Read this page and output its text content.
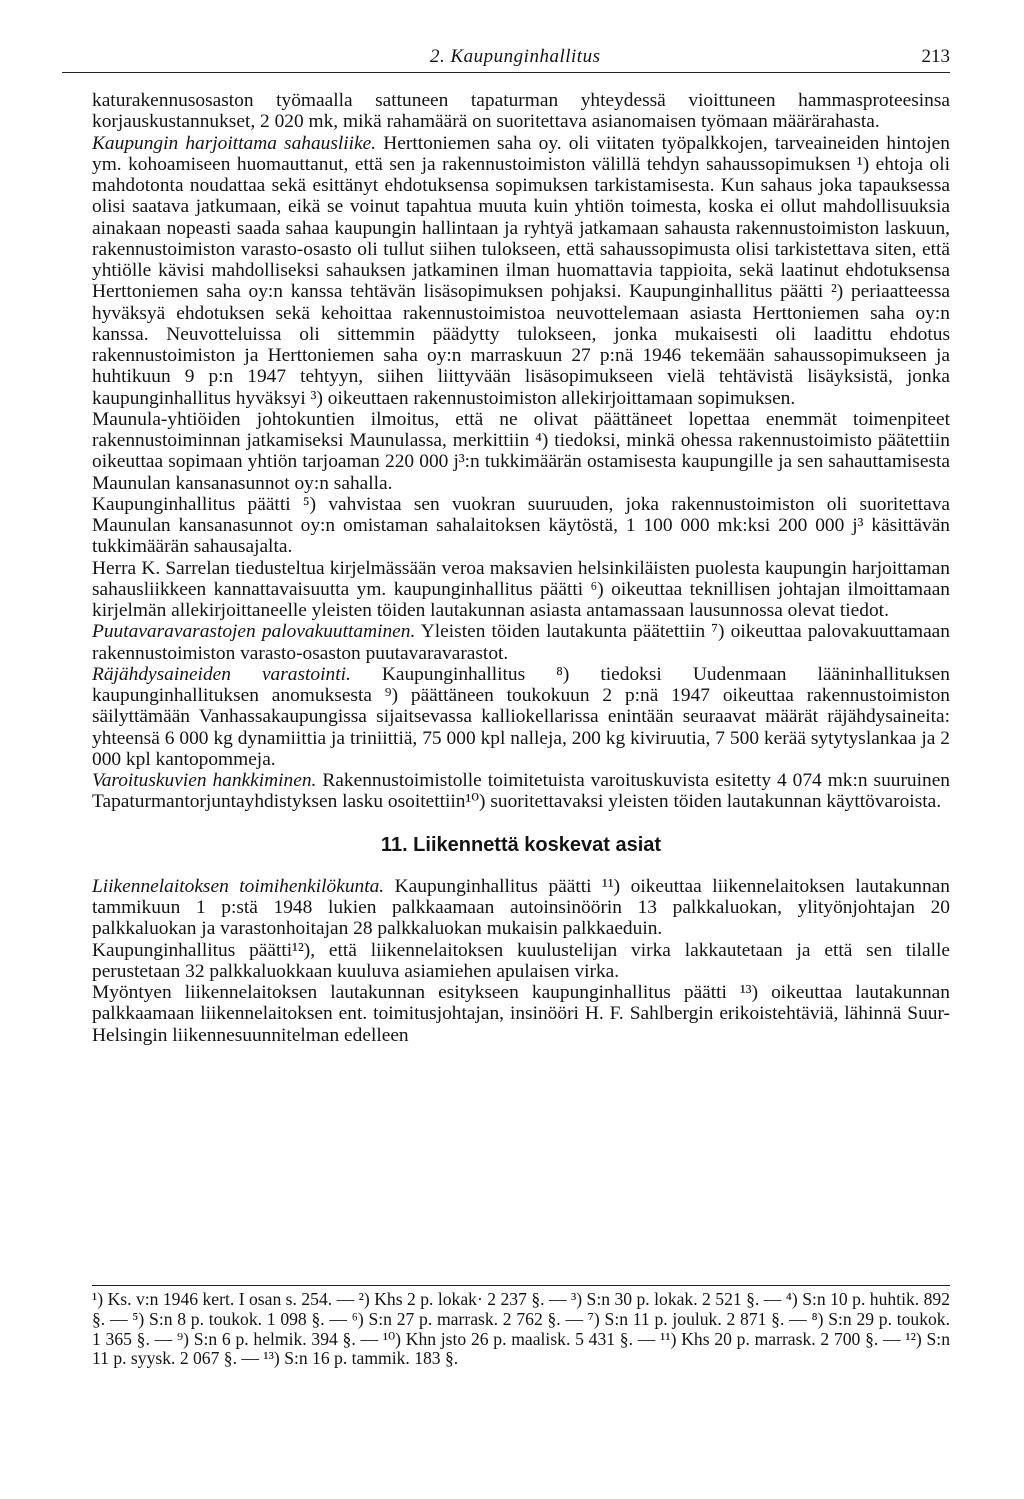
2. Kaupunginhallitus	213

katurakennusosaston työmaalla sattuneen tapaturman yhteydessä vioittuneen hammasproteesinsa korjauskustannukset, 2 020 mk, mikä rahamäärä on suoritettava asianomaisen työmaan määrärahasta.

Kaupungin harjoittama sahausliike. Herttoniemen saha oy. oli viitaten työpalkkojen, tarveaineiden hintojen ym. kohoamiseen huomauttanut, että sen ja rakennustoimiston välillä tehdyn sahaussopimuksen ¹) ehtoja oli mahdotonta noudattaa sekä esittänyt ehdotuksensa sopimuksen tarkistamisesta. Kun sahaus joka tapauksessa olisi saatava jatkumaan, eikä se voinut tapahtua muuta kuin yhtiön toimesta, koska ei ollut mahdollisuuksia ainakaan nopeasti saada sahaa kaupungin hallintaan ja ryhtyä jatkamaan sahausta rakennustoimiston laskuun, rakennustoimiston varasto-osasto oli tullut siihen tulokseen, että sahaussopimusta olisi tarkistettava siten, että yhtiölle kävisi mahdolliseksi sahauksen jatkaminen ilman huomattavia tappioita, sekä laatinut ehdotuksensa Herttoniemen saha oy:n kanssa tehtävän lisäsopimuksen pohjaksi. Kaupunginhallitus päätti ²) periaatteessa hyväksyä ehdotuksen sekä kehoittaa rakennustoimistoa neuvottelemaan asiasta Herttoniemen saha oy:n kanssa. Neuvotteluissa oli sittemmin päädytty tulokseen, jonka mukaisesti oli laadittu ehdotus rakennustoimiston ja Herttoniemen saha oy:n marraskuun 27 p:nä 1946 tekemään sahaussopimukseen ja huhtikuun 9 p:n 1947 tehtyyn, siihen liittyvään lisäsopimukseen vielä tehtävistä lisäyksistä, jonka kaupunginhallitus hyväksyi ³) oikeuttaen rakennustoimiston allekirjoittamaan sopimuksen.

Maunula-yhtiöiden johtokuntien ilmoitus, että ne olivat päättäneet lopettaa enemmät toimenpiteet rakennustoiminnan jatkamiseksi Maunulassa, merkittiin ⁴) tiedoksi, minkä ohessa rakennustoimisto päätettiin oikeuttaa sopimaan yhtiön tarjoaman 220 000 j³:n tukkimäärän ostamisesta kaupungille ja sen sahauttamisesta Maunulan kansanasunnot oy:n sahalla.

Kaupunginhallitus päätti ⁵) vahvistaa sen vuokran suuruuden, joka rakennustoimiston oli suoritettava Maunulan kansanasunnot oy:n omistaman sahalaitoksen käytöstä, 1 100 000 mk:ksi 200 000 j³ käsittävän tukkimäärän sahausajalta.

Herra K. Sarrelan tiedusteltua kirjelmässään veroa maksavien helsinkiläisten puolesta kaupungin harjoittaman sahausliikkeen kannattavaisuutta ym. kaupunginhallitus päätti ⁶) oikeuttaa teknillisen johtajan ilmoittamaan kirjelmän allekirjoittaneelle yleisten töiden lautakunnan asiasta antamassaan lausunnossa olevat tiedot.

Puutavaravarastojen palovakuuttaminen. Yleisten töiden lautakunta päätettiin ⁷) oikeuttaa palovakuuttamaan rakennustoimiston varasto-osaston puutavaravarastot.

Räjähdysaineiden varastointi. Kaupunginhallitus ⁸) tiedoksi Uudenmaan lääninhallituksen kaupunginhallituksen anomuksesta ⁹) päättäneen toukokuun 2 p:nä 1947 oikeuttaa rakennustoimiston säilyttämään Vanhassakaupungissa sijaitsevassa kalliokellarissa enintään seuraavat määrät räjähdysaineita: yhteensä 6 000 kg dynamiittia ja triniittiä, 75 000 kpl nalleja, 200 kg kiviruutia, 7 500 kerää sytytyslankaa ja 2 000 kpl kantopommeja.

Varoituskuvien hankkiminen. Rakennustoimistolle toimitetuista varoituskuvista esitetty 4 074 mk:n suuruinen Tapaturmantorjuntayhdistyksen lasku osoitettiin¹⁰) suoritettavaksi yleisten töiden lautakunnan käyttövaroista.

11. Liikennettä koskevat asiat

Liikennelaitoksen toimihenkilökunta. Kaupunginhallitus päätti ¹¹) oikeuttaa liikennelaitoksen lautakunnan tammikuun 1 p:stä 1948 lukien palkkaamaan autoinsinöörin 13 palkkaluokan, ylityönjohtajan 20 palkkaluokan ja varastonhoitajan 28 palkkaluokan mukaisin palkkaeduin.

Kaupunginhallitus päätti¹²), että liikennelaitoksen kuulustelijan virka lakkautetaan ja että sen tilalle perustetaan 32 palkkaluokkaan kuuluva asiamiehen apulaisen virka.

Myöntyen liikennelaitoksen lautakunnan esitykseen kaupunginhallitus päätti ¹³) oikeuttaa lautakunnan palkkaamaan liikennelaitoksen ent. toimitusjohtajan, insinööri H. F. Sahlbergin erikoistehtäviä, lähinnä Suur-Helsingin liikennesuunnitelman edelleen

¹) Ks. v:n 1946 kert. I osan s. 254. — ²) Khs 2 p. lokak· 2 237 §. — ³) S:n 30 p. lokak. 2 521 §. — ⁴) S:n 10 p. huhtik. 892 §. — ⁵) S:n 8 p. toukok. 1 098 §. — ⁶) S:n 27 p. marrask. 2 762 §. — ⁷) S:n 11 p. jouluk. 2 871 §. — ⁸) S:n 29 p. toukok. 1 365 §. — ⁹) S:n 6 p. helmik. 394 §. — ¹⁰) Khn jsto 26 p. maalisk. 5 431 §. — ¹¹) Khs 20 p. marrask. 2 700 §. — ¹²) S:n 11 p. syysk. 2 067 §. — ¹³) S:n 16 p. tammik. 183 §.
